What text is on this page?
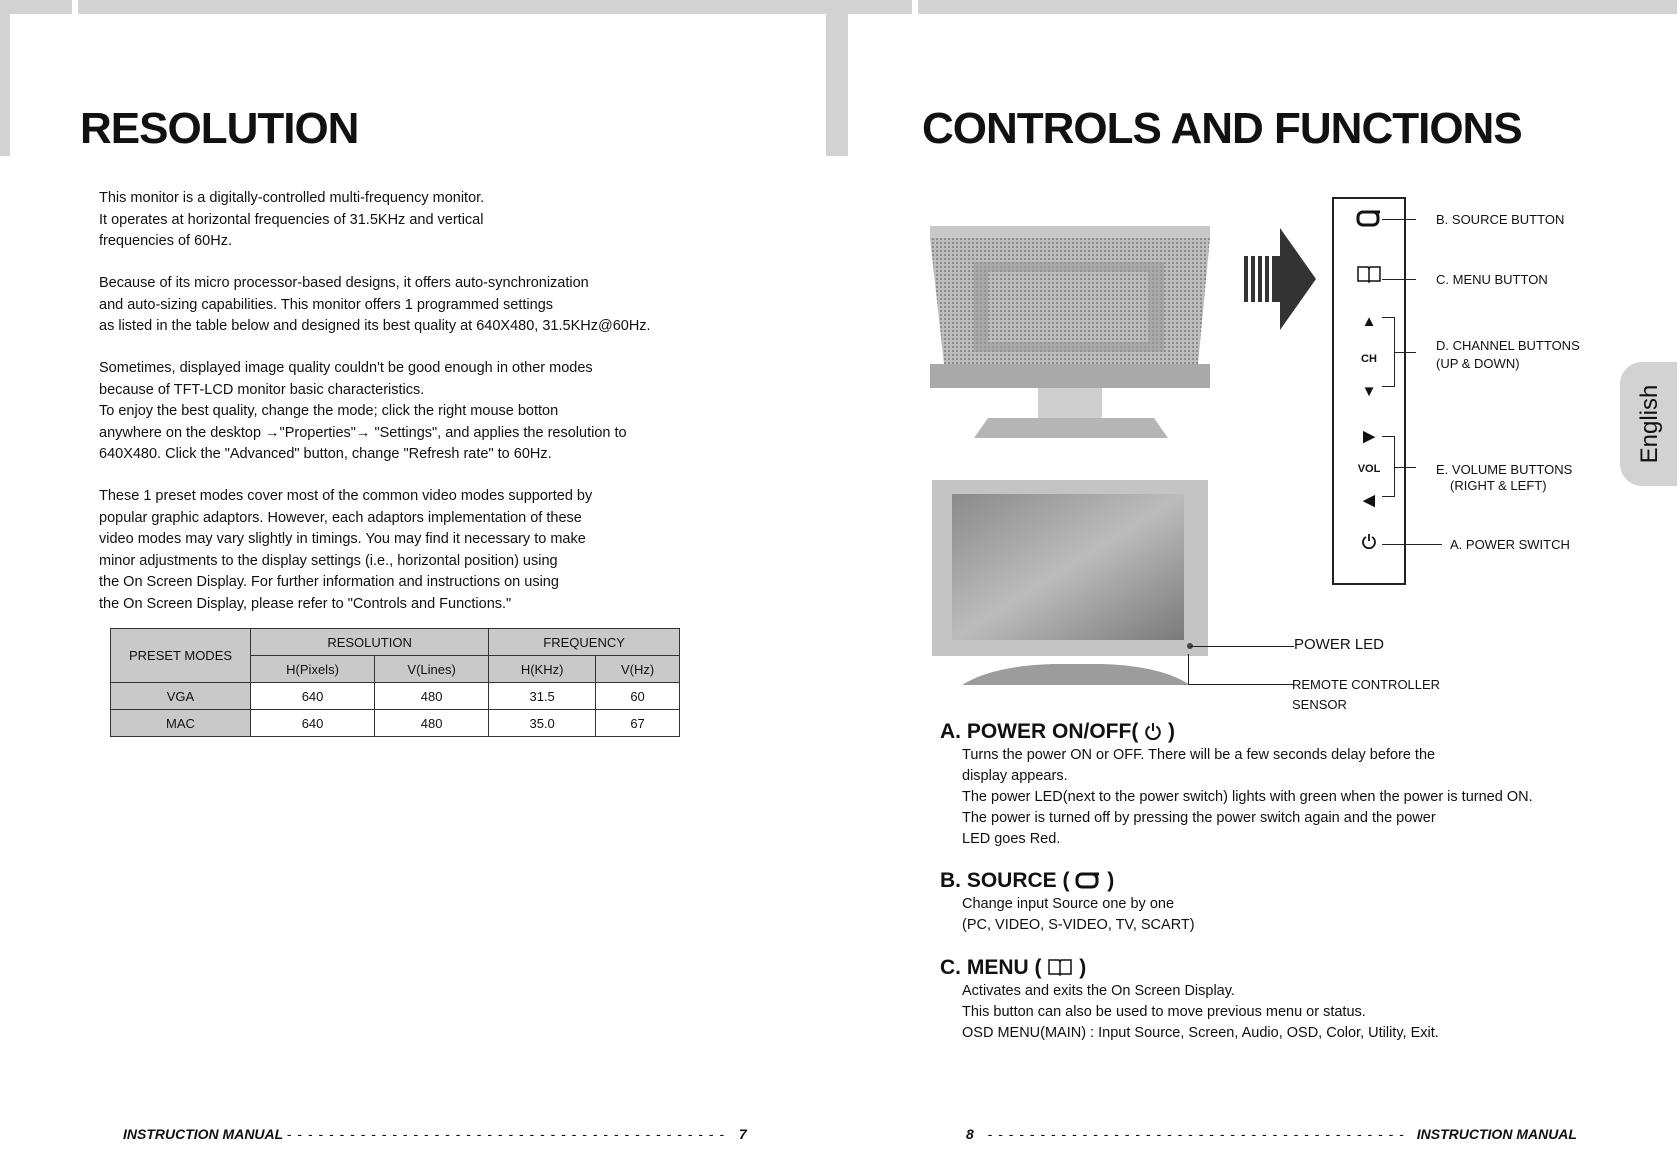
RESOLUTION
This monitor is a digitally-controlled multi-frequency monitor.
It operates at horizontal frequencies of 31.5KHz and vertical
frequencies of 60Hz.
Because of its micro processor-based designs, it offers auto-synchronization
and auto-sizing capabilities. This monitor offers 1 programmed settings
as listed in the table below and designed its best quality at 640X480, 31.5KHz@60Hz.
Sometimes, displayed image quality couldn't be good enough in other modes
because of TFT-LCD monitor basic characteristics.
To enjoy the best quality, change the mode; click the right mouse botton
anywhere on the desktop →"Properties"→ "Settings", and applies the resolution to
640X480. Click the "Advanced" button, change "Refresh rate" to 60Hz.
These 1 preset modes cover most of the common video modes supported by
popular graphic adaptors. However, each adaptors implementation of these
video modes may vary slightly in timings. You may find it necessary to make
minor adjustments to the display settings (i.e., horizontal position) using
the On Screen Display. For further information and instructions on using
the On Screen Display, please refer to "Controls and Functions."
PRESET MODES	RESOLUTION		FREQUENCY	
	H(Pixels)	V(Lines)	H(KHz)	V(Hz)
VGA	640	480	31.5	60
MAC	640	480	35.0	67
INSTRUCTION MANUAL - - - - - - - - - - - - - - - - - - - - - - - - - - - - - - - - - - - - - - - - - - 7
CONTROLS AND FUNCTIONS
▲
CH
▼
▶
VOL
◀
B. SOURCE BUTTON
C. MENU BUTTON
D. CHANNEL BUTTONS
(UP & DOWN)
E. VOLUME BUTTONS
(RIGHT & LEFT)
A. POWER SWITCH
POWER LED
REMOTE CONTROLLER
SENSOR
A. POWER ON/OFF( )
Turns the power ON or OFF. There will be a few seconds delay before the
display appears.
The power LED(next to the power switch) lights with green when the power is turned ON.
The power is turned off by pressing the power switch again and the power
LED goes Red.
B. SOURCE ( )
Change input Source one by one
(PC, VIDEO, S-VIDEO, TV, SCART)
C. MENU ( )
Activates and exits the On Screen Display.
This button can also be used to move previous menu or status.
OSD MENU(MAIN) : Input Source, Screen, Audio, OSD, Color, Utility, Exit.
English
8 - - - - - - - - - - - - - - - - - - - - - - - - - - - - - - - - - - - - - - - - INSTRUCTION MANUAL
